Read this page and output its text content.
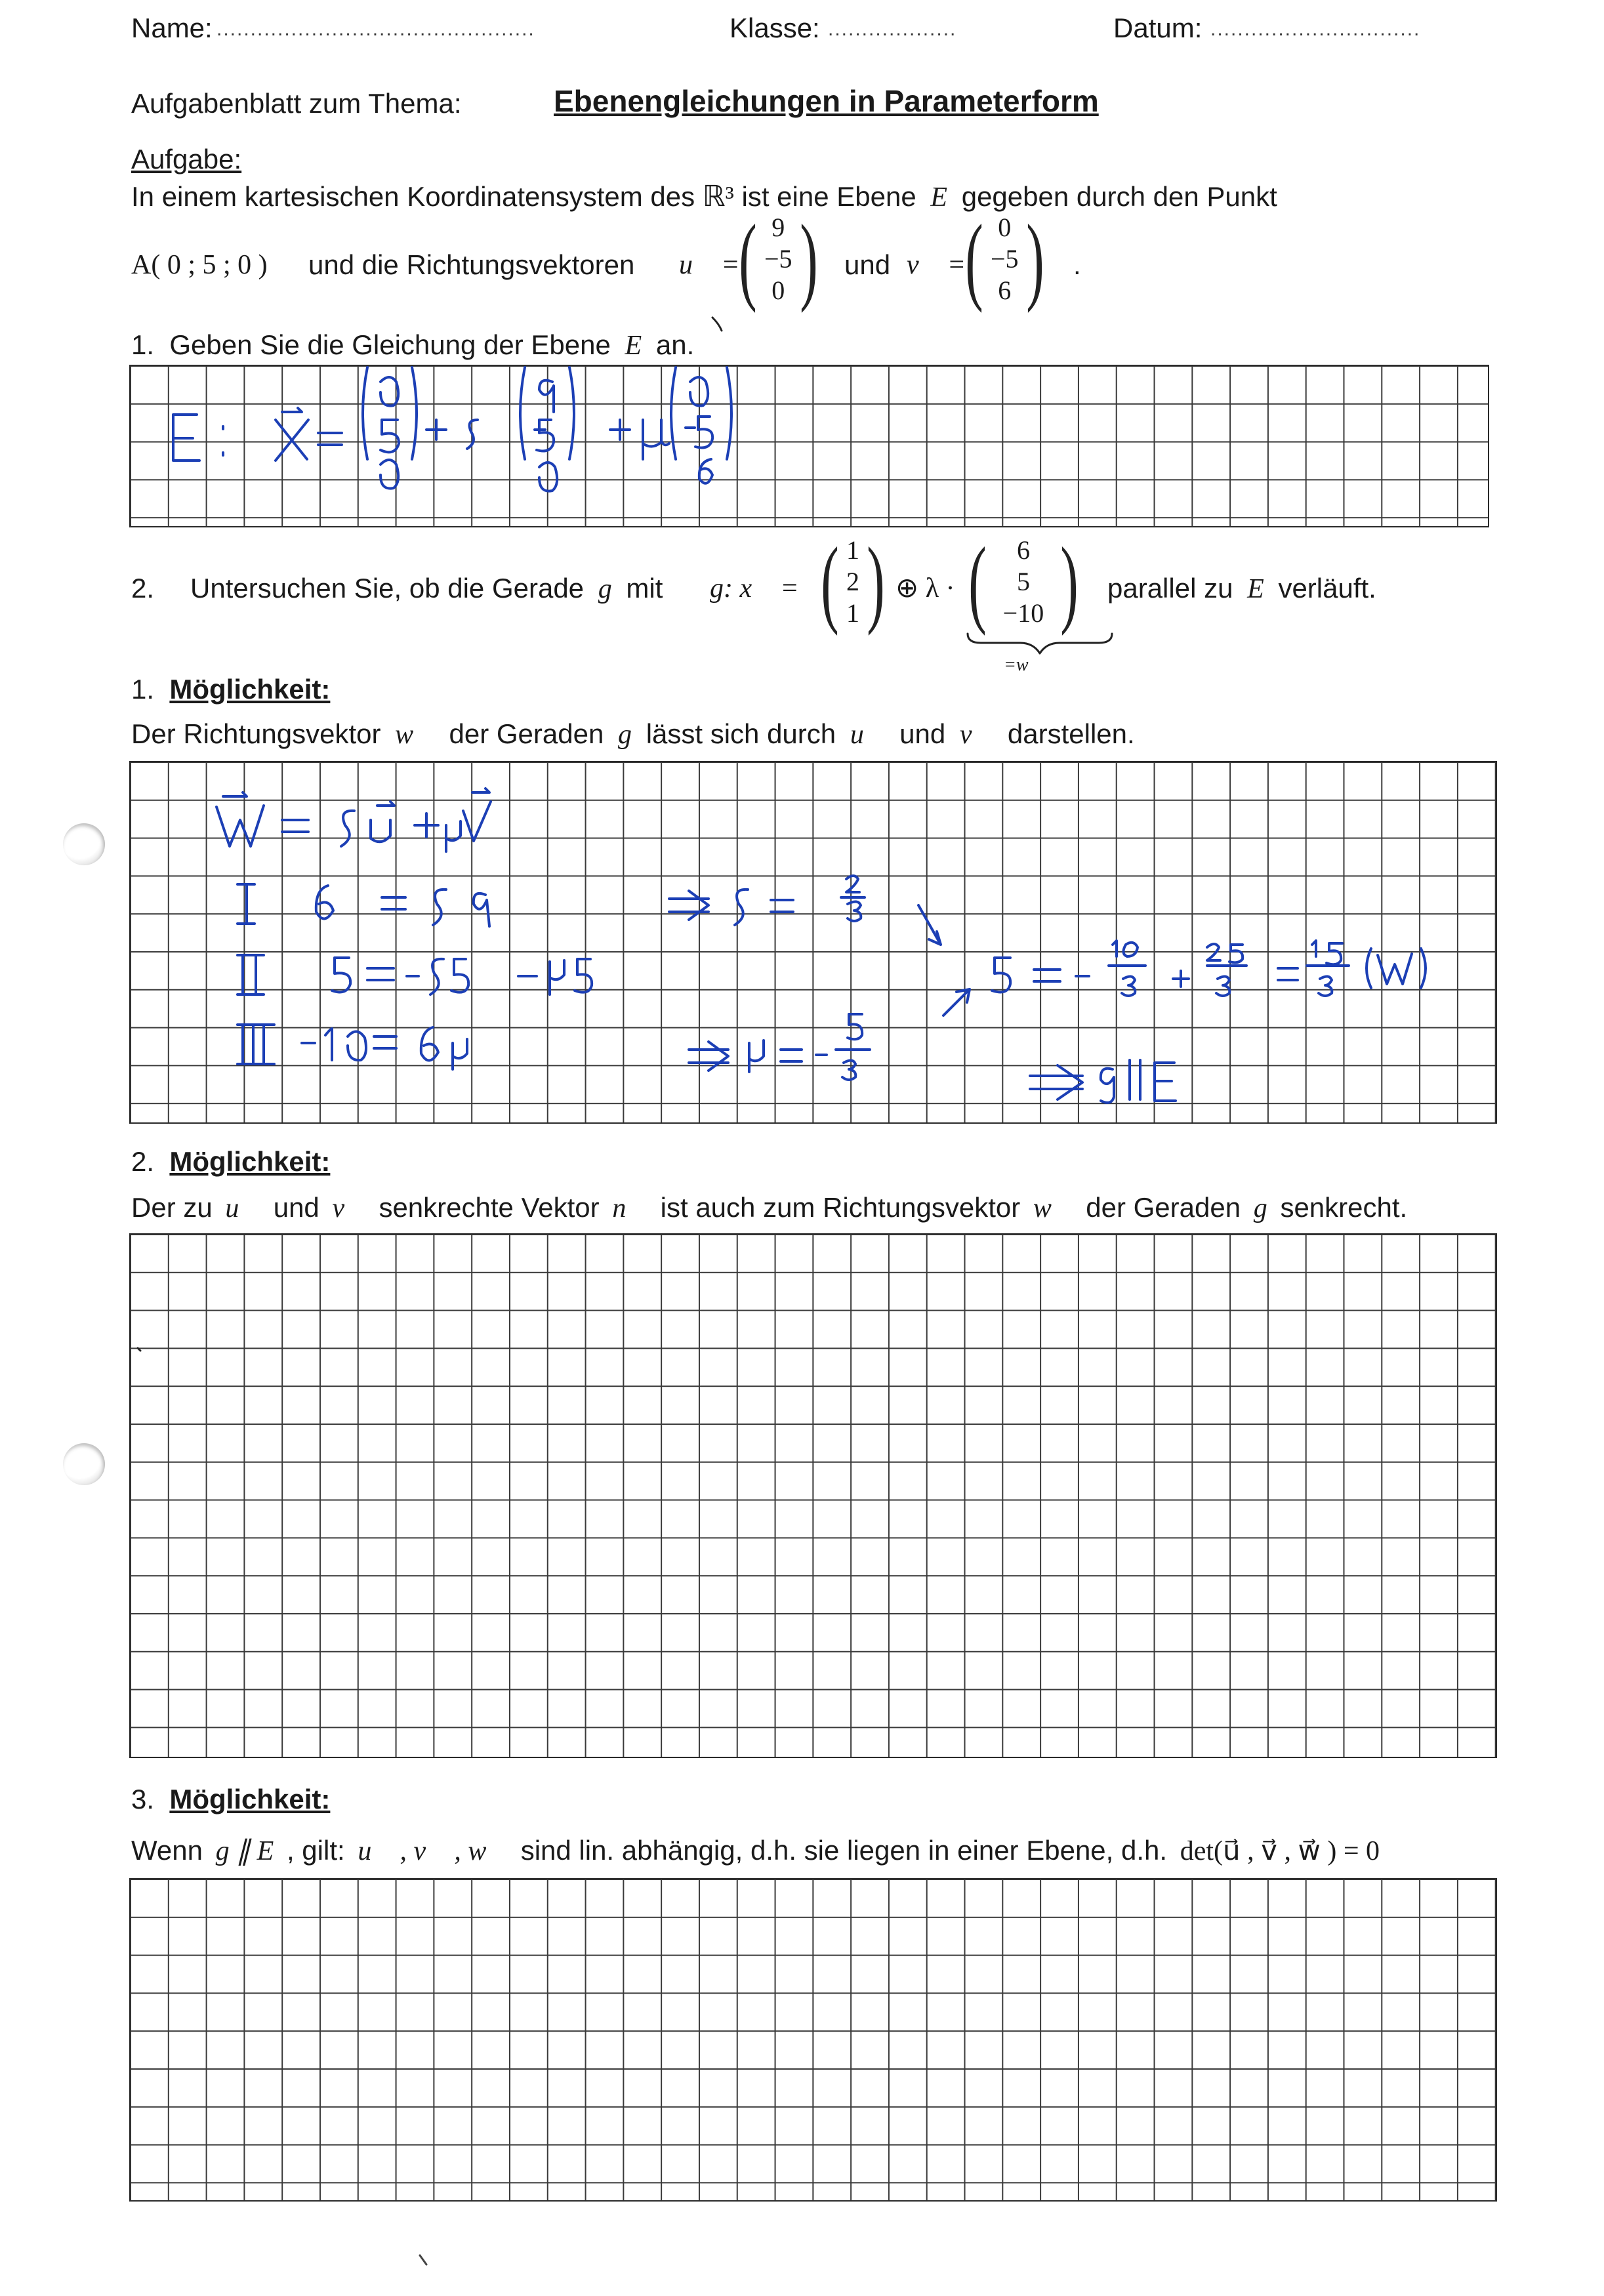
Name: ...............................................	Klasse: ...................	Datum: ...............................
Aufgabenblatt zum Thema:	Ebenengleichungen in Parameterform
Aufgabe:
In einem kartesischen Koordinatensystem des ℝ³ ist eine Ebene E gegeben durch den Punkt
A( 0 ; 5 ; 0 ) und die Richtungsvektoren u⃗ =
( 9
−5
0 ) und v⃗ = ( 0
−5
6 ) .
1. Geben Sie die Gleichung der Ebene E an.
2. Untersuchen Sie, ob die Gerade g mit g: x⃗ = ( 1
2
1 ) ⊕ λ · ( 6
5
−10 )
=w⃗
parallel zu E verläuft.
1. Möglichkeit:
Der Richtungsvektor w⃗ der Geraden g lässt sich durch u⃗ und v⃗ darstellen.
2. Möglichkeit:
Der zu u⃗ und v⃗ senkrechte Vektor n⃗ ist auch zum Richtungsvektor w⃗ der Geraden g senkrecht.
3. Möglichkeit:
Wenn g ∥ E , gilt: u⃗ , v⃗ , w⃗ sind lin. abhängig, d.h. sie liegen in einer Ebene, d.h. det(u⃗ , v⃗ , w⃗ ) = 0
